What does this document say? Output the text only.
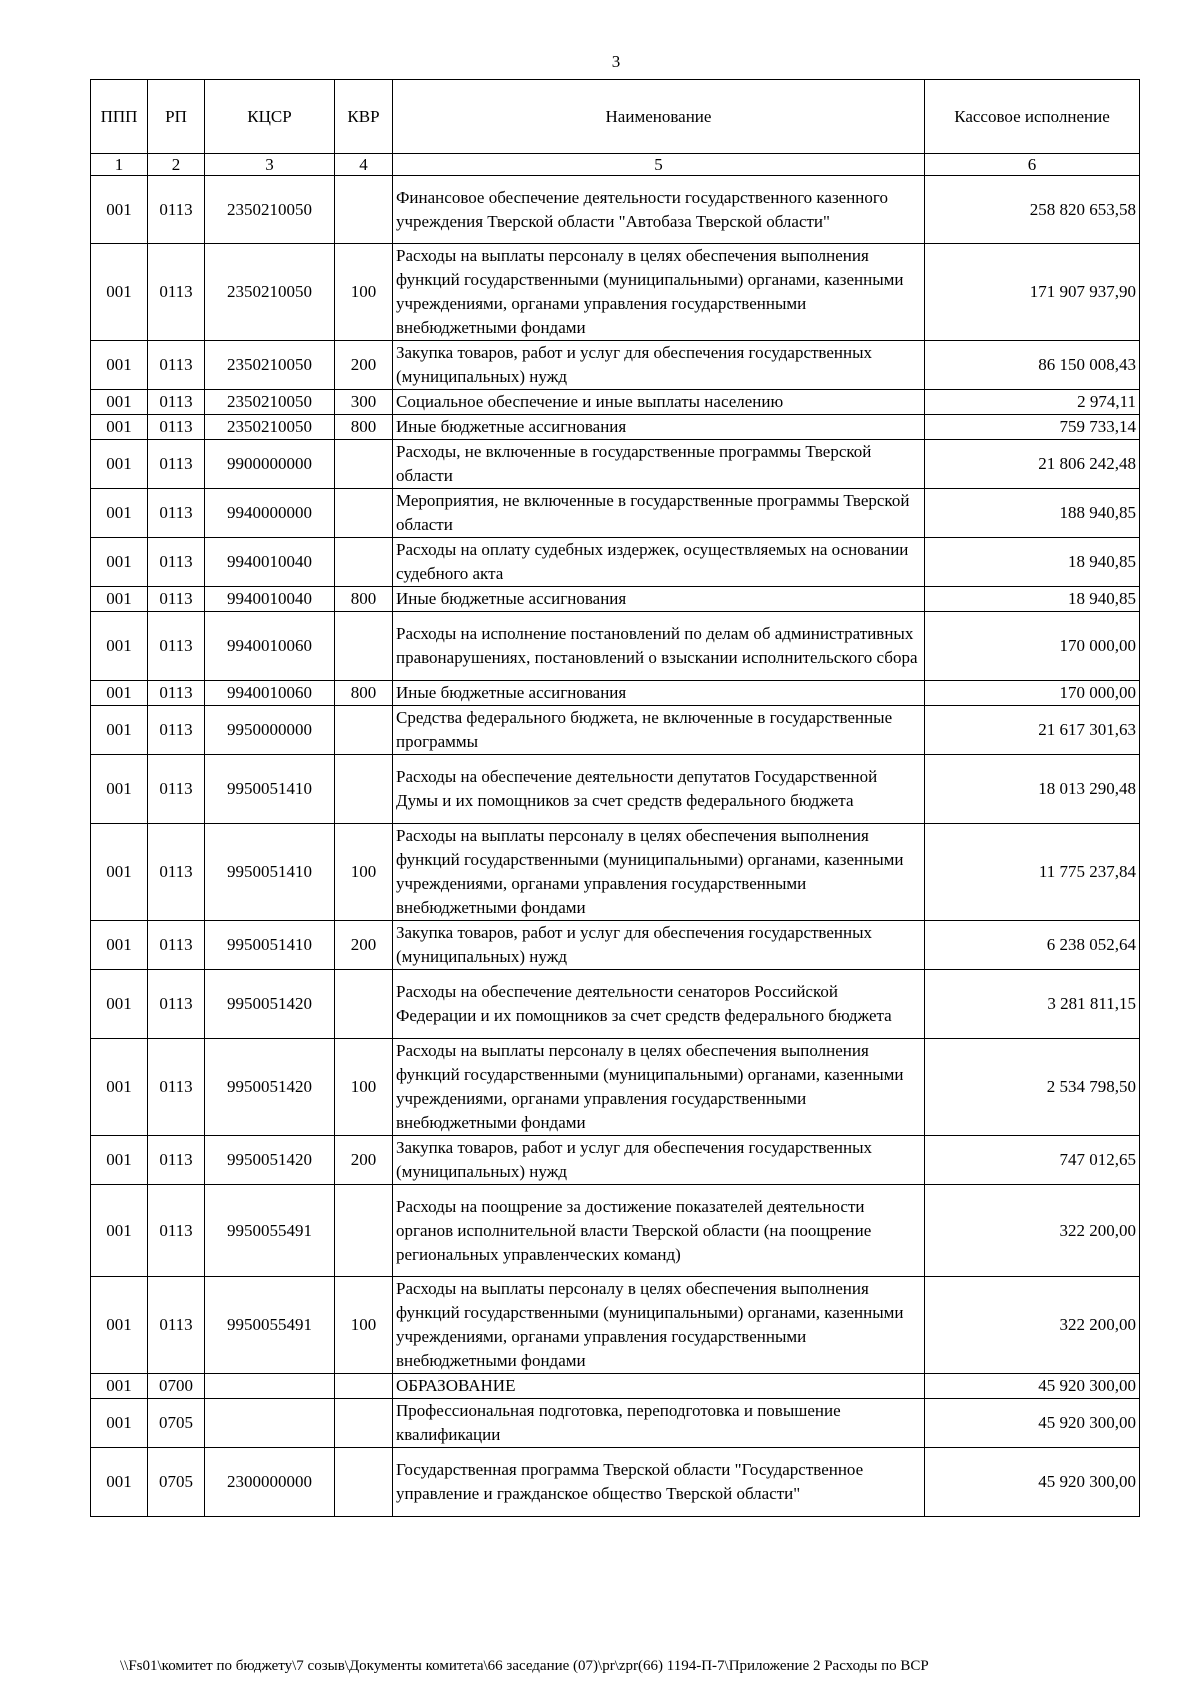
3
ППП	РП	КЦСР	КВР	Наименование	Кассовое исполнение
1	2	3	4	5	6
001	0113	2350210050		Финансовое обеспечение деятельности государственного казенного учреждения Тверской области "Автобаза Тверской области"	258 820 653,58
001	0113	2350210050	100	Расходы на выплаты персоналу в целях обеспечения выполнения функций государственными (муниципальными) органами, казенными учреждениями, органами управления государственными внебюджетными фондами	171 907 937,90
001	0113	2350210050	200	Закупка товаров, работ и услуг для обеспечения государственных (муниципальных) нужд	86 150 008,43
001	0113	2350210050	300	Социальное обеспечение и иные выплаты населению	2 974,11
001	0113	2350210050	800	Иные бюджетные ассигнования	759 733,14
001	0113	9900000000		Расходы, не включенные в государственные программы Тверской области	21 806 242,48
001	0113	9940000000		Мероприятия, не включенные в государственные программы Тверской области	188 940,85
001	0113	9940010040		Расходы на оплату судебных издержек, осуществляемых на основании судебного акта	18 940,85
001	0113	9940010040	800	Иные бюджетные ассигнования	18 940,85
001	0113	9940010060		Расходы на исполнение постановлений по делам об административных правонарушениях, постановлений о взыскании исполнительского сбора	170 000,00
001	0113	9940010060	800	Иные бюджетные ассигнования	170 000,00
001	0113	9950000000		Средства федерального бюджета, не включенные в государственные программы	21 617 301,63
001	0113	9950051410		Расходы на обеспечение деятельности депутатов Государственной Думы и их помощников за счет средств федерального бюджета	18 013 290,48
001	0113	9950051410	100	Расходы на выплаты персоналу в целях обеспечения выполнения функций государственными (муниципальными) органами, казенными учреждениями, органами управления государственными внебюджетными фондами	11 775 237,84
001	0113	9950051410	200	Закупка товаров, работ и услуг для обеспечения государственных (муниципальных) нужд	6 238 052,64
001	0113	9950051420		Расходы на обеспечение деятельности сенаторов Российской Федерации и их помощников за счет средств федерального бюджета	3 281 811,15
001	0113	9950051420	100	Расходы на выплаты персоналу в целях обеспечения выполнения функций государственными (муниципальными) органами, казенными учреждениями, органами управления государственными внебюджетными фондами	2 534 798,50
001	0113	9950051420	200	Закупка товаров, работ и услуг для обеспечения государственных (муниципальных) нужд	747 012,65
001	0113	9950055491		Расходы на поощрение за достижение показателей деятельности органов исполнительной власти Тверской области (на поощрение региональных управленческих команд)	322 200,00
001	0113	9950055491	100	Расходы на выплаты персоналу в целях обеспечения выполнения функций государственными (муниципальными) органами, казенными учреждениями, органами управления государственными внебюджетными фондами	322 200,00
001	0700			ОБРАЗОВАНИЕ	45 920 300,00
001	0705			Профессиональная подготовка, переподготовка и повышение квалификации	45 920 300,00
001	0705	2300000000		Государственная программа Тверской области "Государственное управление и гражданское общество Тверской области"	45 920 300,00
\\Fs01\комитет по бюджету\7 созыв\Документы комитета\66 заседание (07)\pr\zpr(66) 1194-П-7\Приложение 2 Расходы по ВСР
